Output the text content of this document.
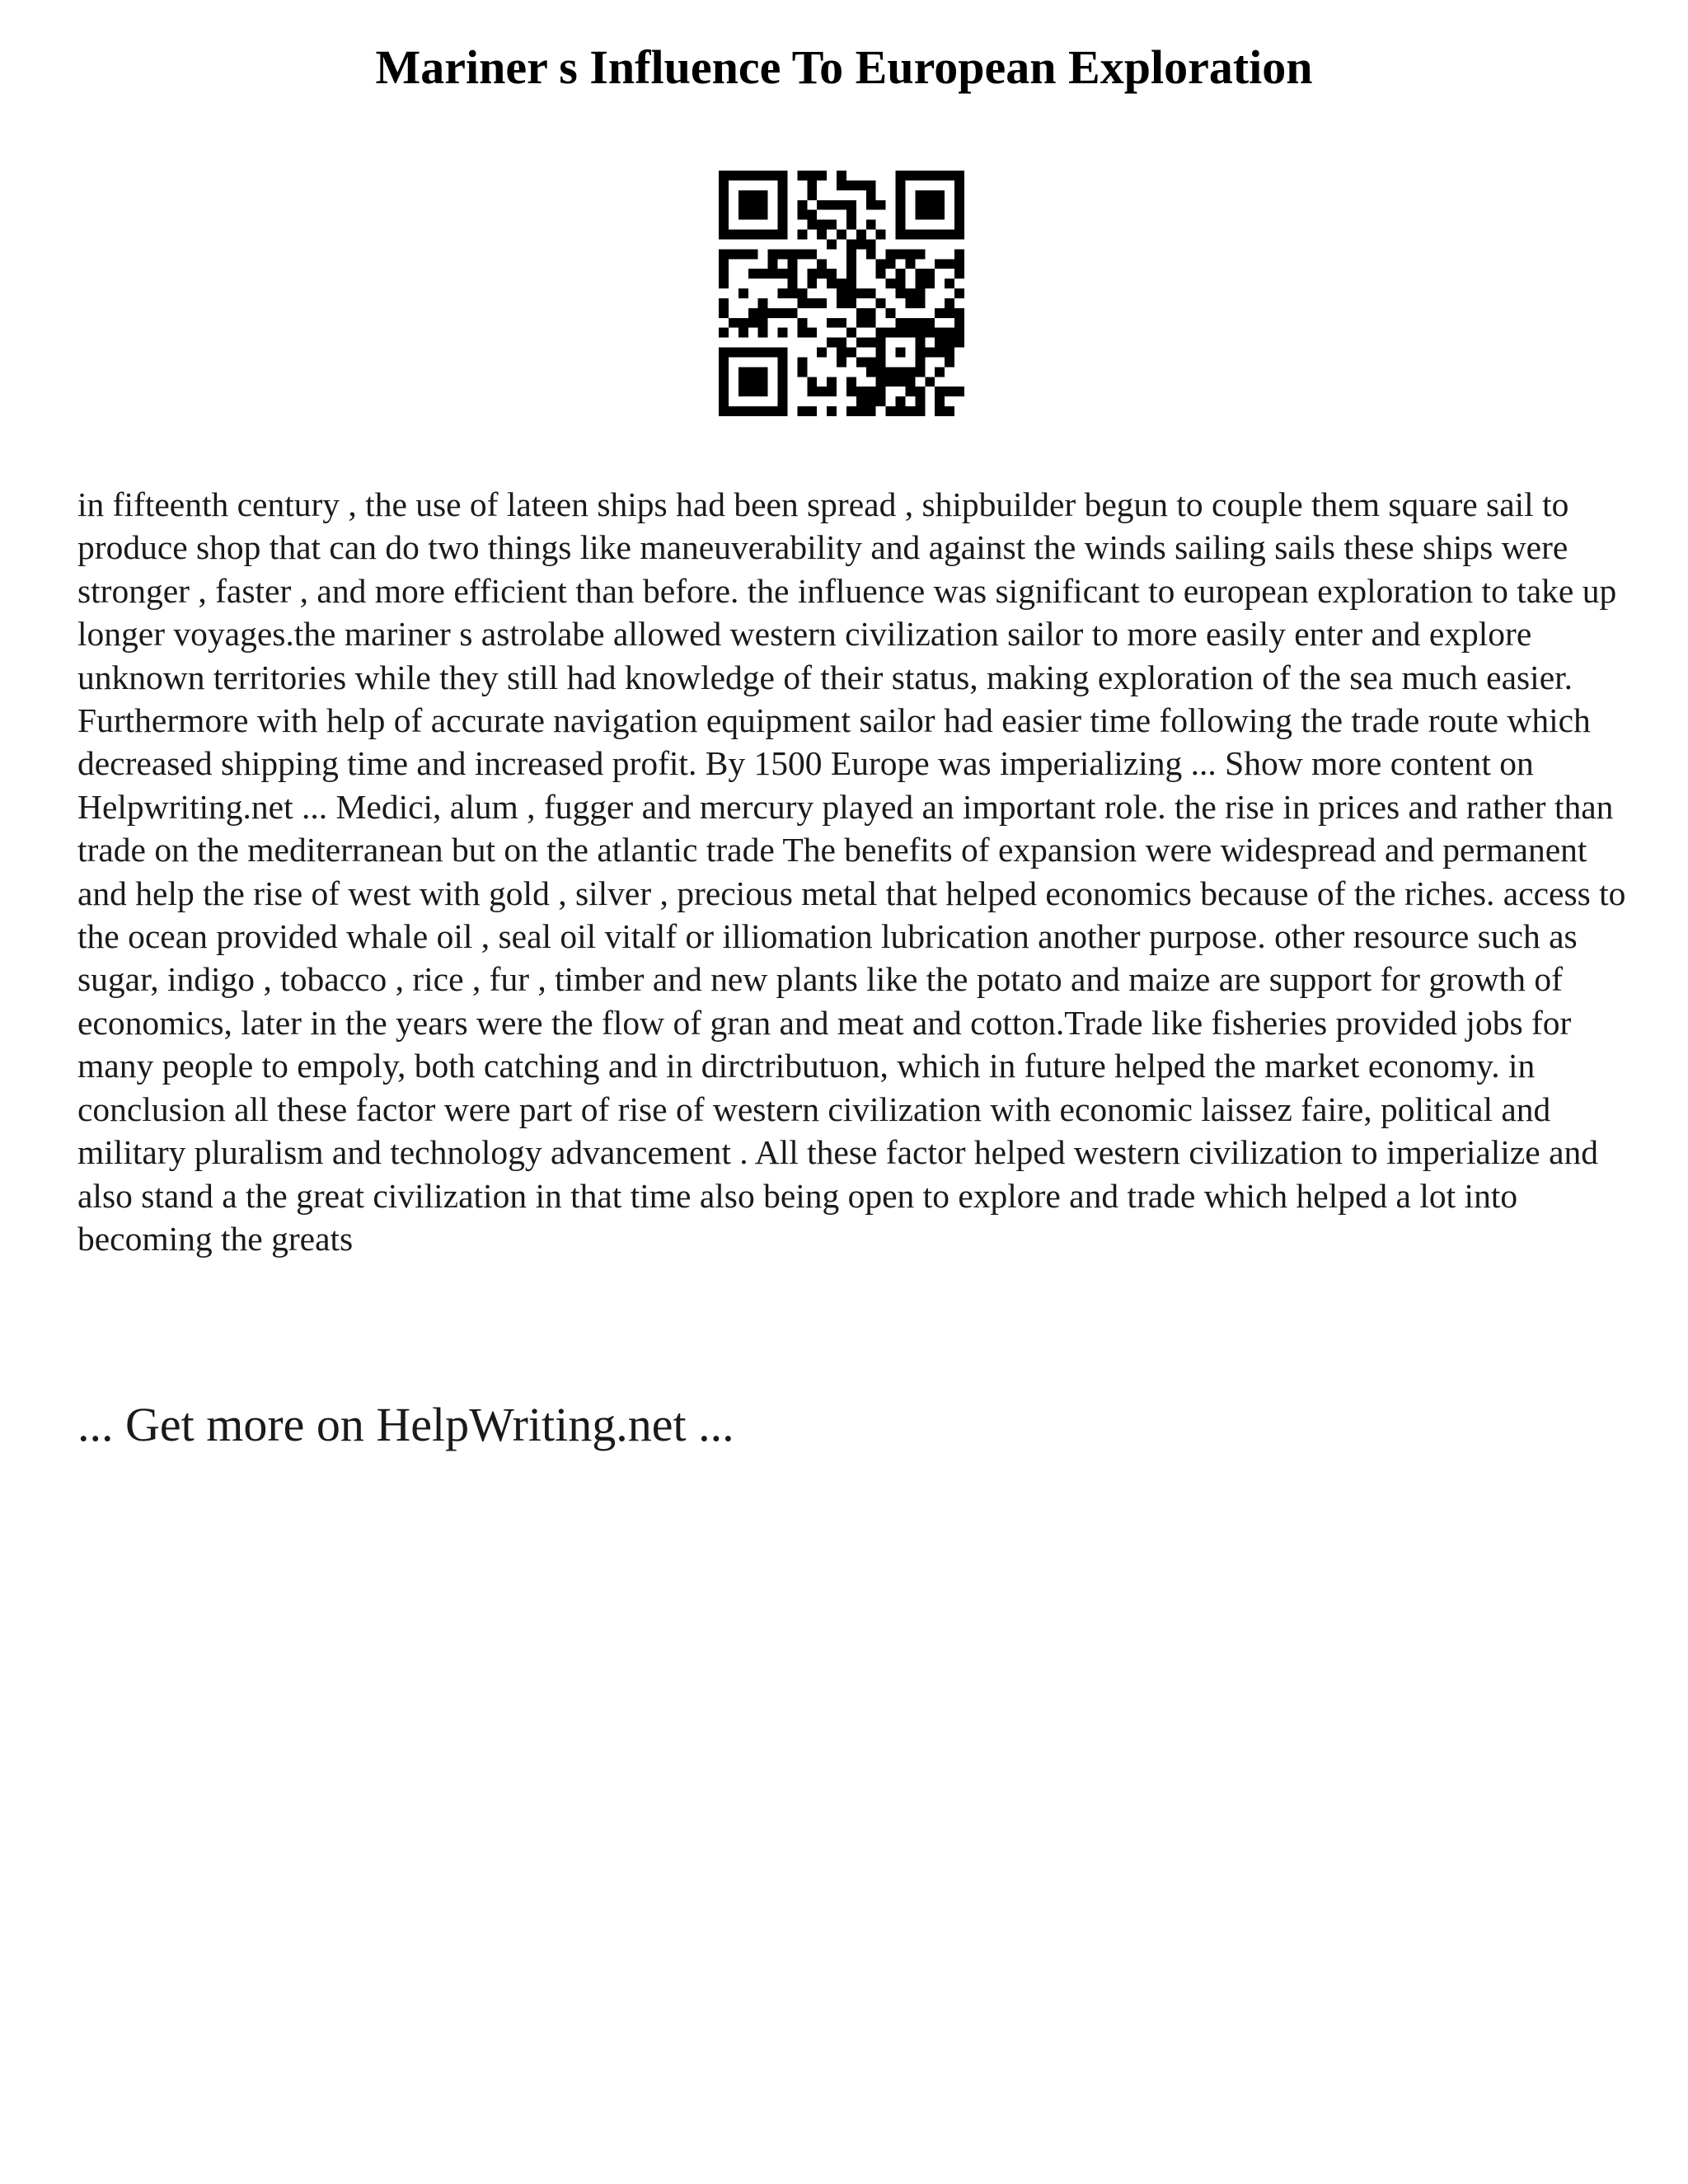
Mariner s Influence To European Exploration

in fifteenth century , the use of lateen ships had been spread , shipbuilder begun to couple them square sail to produce shop that can do two things like maneuverability and against the winds sailing sails these ships were stronger , faster , and more efficient than before. the influence was significant to european exploration to take up longer voyages.the mariner s astrolabe allowed western civilization sailor to more easily enter and explore unknown territories while they still had knowledge of their status, making exploration of the sea much easier. Furthermore with help of accurate navigation equipment sailor had easier time following the trade route which decreased shipping time and increased profit. By 1500 Europe was imperializing ... Show more content on Helpwriting.net ... Medici, alum , fugger and mercury played an important role. the rise in prices and rather than trade on the mediterranean but on the atlantic trade The benefits of expansion were widespread and permanent and help the rise of west with gold , silver , precious metal that helped economics because of the riches. access to the ocean provided whale oil , seal oil vitalf or illiomation lubrication another purpose. other resource such as sugar, indigo , tobacco , rice , fur , timber and new plants like the potato and maize are support for growth of economics, later in the years were the flow of gran and meat and cotton.Trade like fisheries provided jobs for many people to empoly, both catching and in dirctributuon, which in future helped the market economy. in conclusion all these factor were part of rise of western civilization with economic laissez faire, political and military pluralism and technology advancement . All these factor helped western civilization to imperialize and also stand a the great civilization in that time also being open to explore and trade which helped a lot into becoming the greats

... Get more on HelpWriting.net ...
